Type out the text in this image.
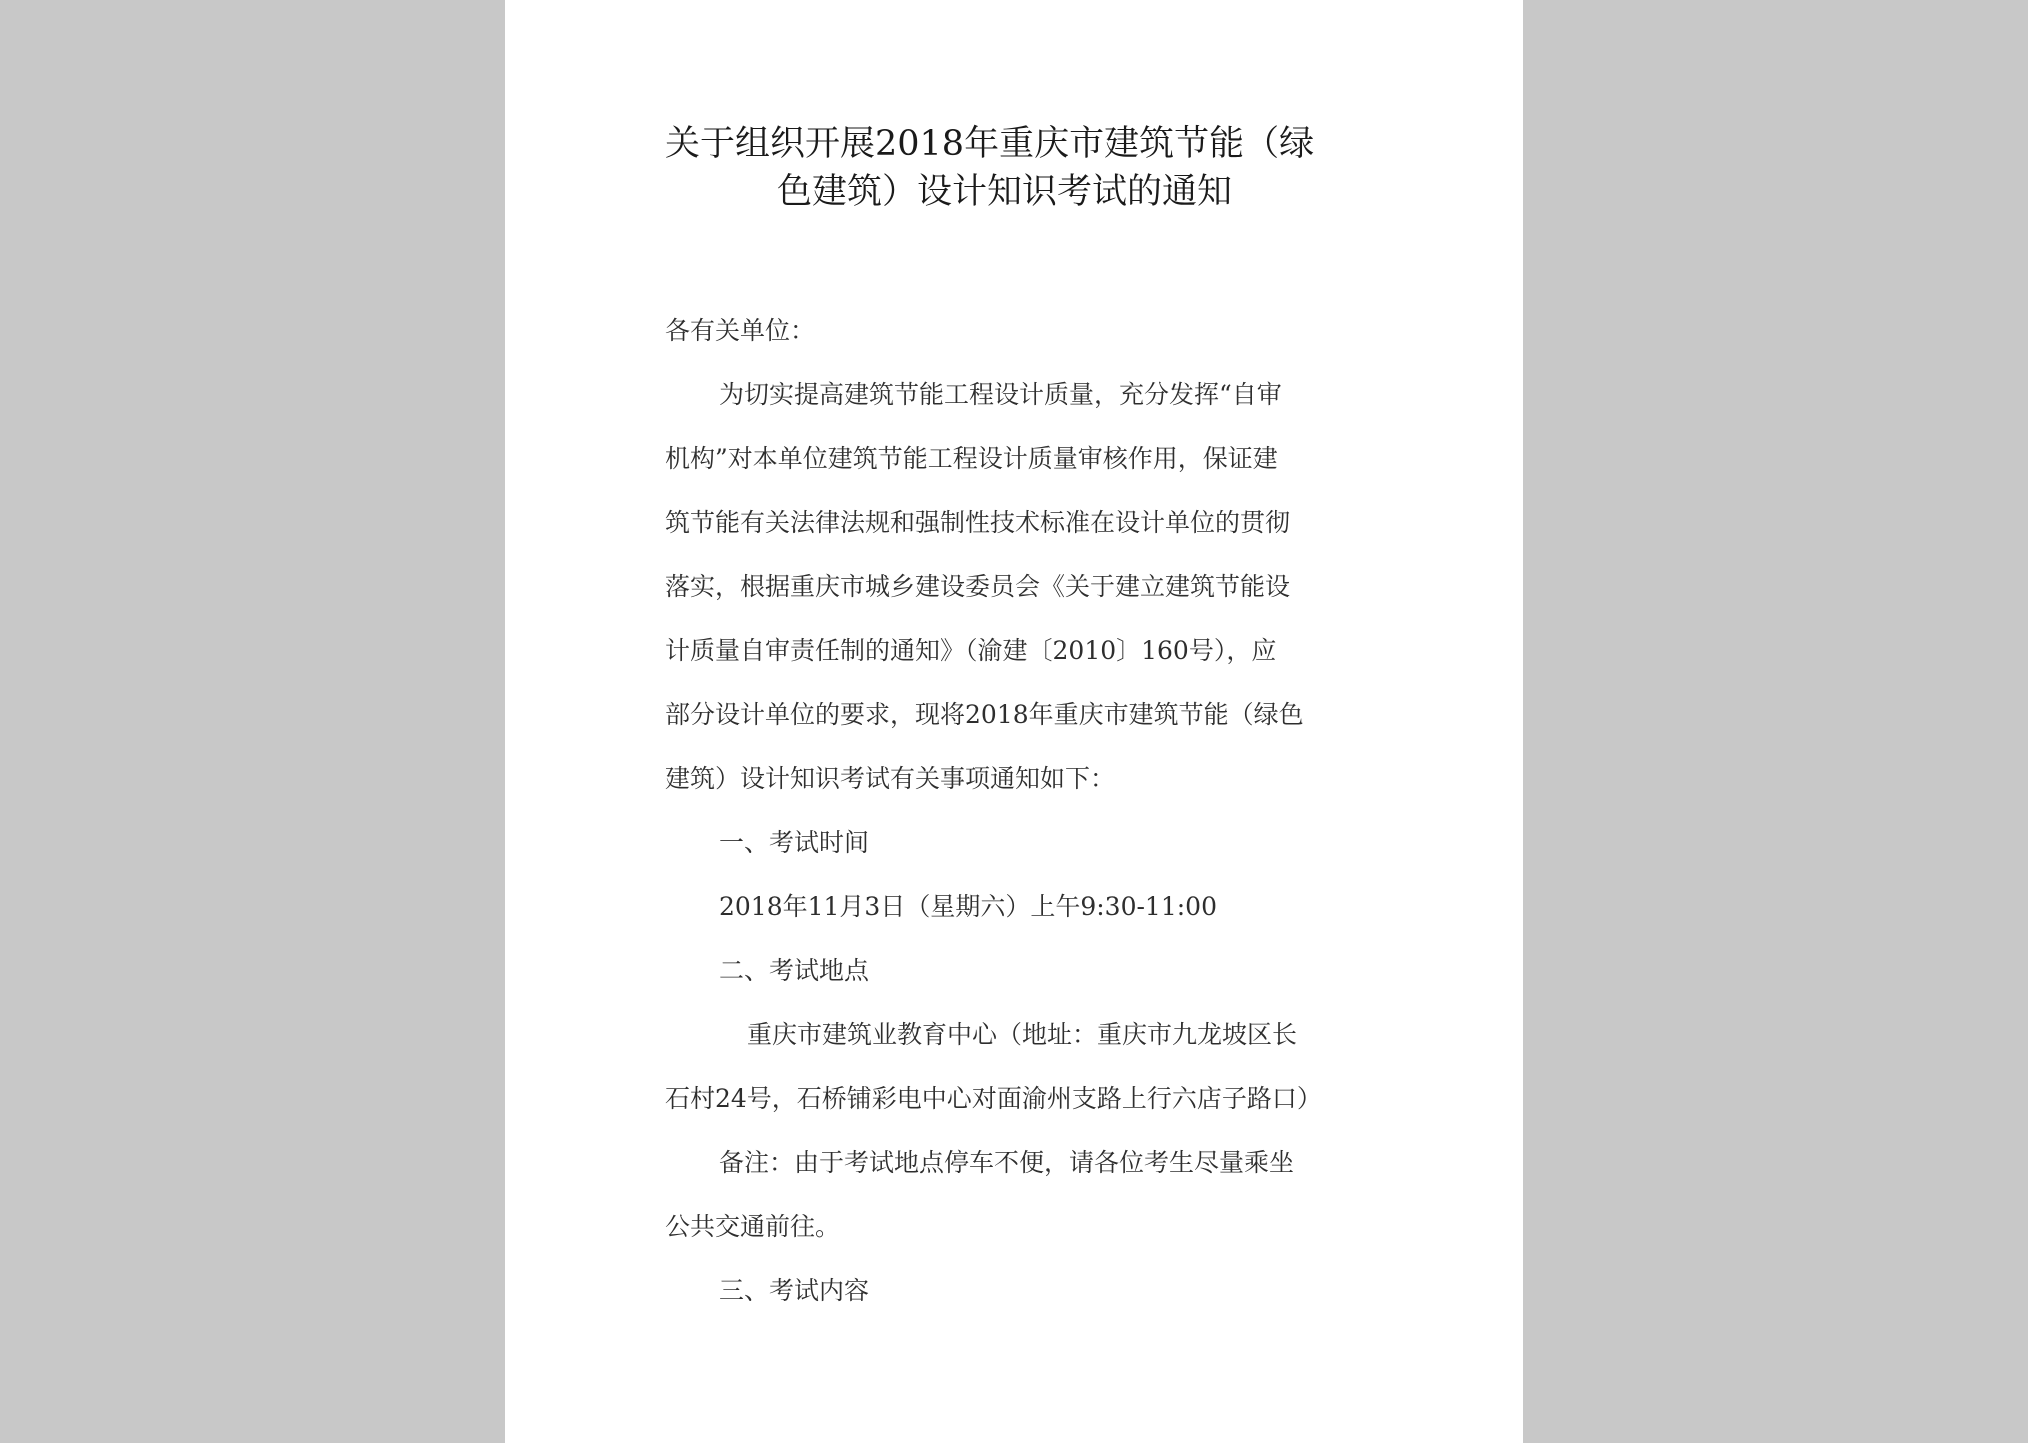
关于组织开展2018年重庆市建筑节能（绿
色建筑）设计知识考试的通知
各有关单位：
为切实提高建筑节能工程设计质量，充分发挥“自审
机构”对本单位建筑节能工程设计质量审核作用，保证建
筑节能有关法律法规和强制性技术标准在设计单位的贯彻
落实，根据重庆市城乡建设委员会《关于建立建筑节能设
计质量自审责任制的通知》（渝建〔2010〕160号），应
部分设计单位的要求，现将2018年重庆市建筑节能（绿色
建筑）设计知识考试有关事项通知如下：
一、考试时间
2018年11月3日（星期六）上午9:30-11:00
二、考试地点
重庆市建筑业教育中心（地址：重庆市九龙坡区长
石村24号，石桥铺彩电中心对面渝州支路上行六店子路口）
备注：由于考试地点停车不便，请各位考生尽量乘坐
公共交通前往。
三、考试内容
